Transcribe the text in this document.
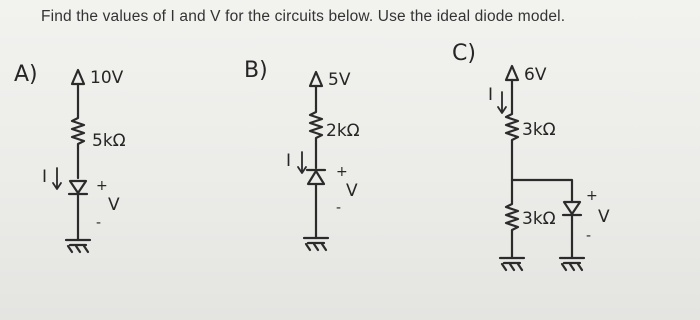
Find the values of I and V for the circuits below. Use the ideal diode model.
A)	10V
5kΩ
I	+
V
-
B)	5V
2kΩ
I
+
V
-
C)
6V
I
3kΩ
3kΩ
+
V
-
